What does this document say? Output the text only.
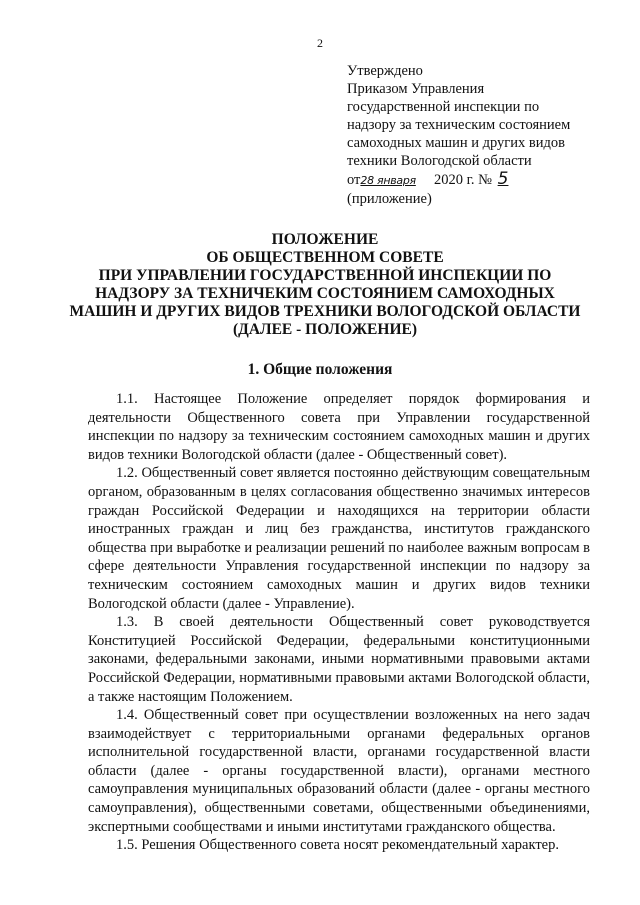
2
Утверждено
Приказом Управления
государственной инспекции по
надзору за техническим состоянием
самоходных машин и других видов
техники Вологодской области
от28 января 2020 г. № 5
(приложение)
ПОЛОЖЕНИЕ
ОБ ОБЩЕСТВЕННОМ СОВЕТЕ
ПРИ УПРАВЛЕНИИ ГОСУДАРСТВЕННОЙ ИНСПЕКЦИИ ПО
НАДЗОРУ ЗА ТЕХНИЧЕКИМ СОСТОЯНИЕМ САМОХОДНЫХ
МАШИН И ДРУГИХ ВИДОВ ТРЕХНИКИ ВОЛОГОДСКОЙ ОБЛАСТИ
(ДАЛЕЕ - ПОЛОЖЕНИЕ)
1. Общие положения

1.1. Настоящее Положение определяет порядок формирования и деятельности Общественного совета при Управлении государственной инспекции по надзору за техническим состоянием самоходных машин и других видов техники Вологодской области (далее - Общественный совет).

1.2. Общественный совет является постоянно действующим совещательным органом, образованным в целях согласования общественно значимых интересов граждан Российской Федерации и находящихся на территории области иностранных граждан и лиц без гражданства, институтов гражданского общества при выработке и реализации решений по наиболее важным вопросам в сфере деятельности Управления государственной инспекции по надзору за техническим состоянием самоходных машин и других видов техники Вологодской области (далее - Управление).

1.3. В своей деятельности Общественный совет руководствуется Конституцией Российской Федерации, федеральными конституционными законами, федеральными законами, иными нормативными правовыми актами Российской Федерации, нормативными правовыми актами Вологодской области, а также настоящим Положением.

1.4. Общественный совет при осуществлении возложенных на него задач взаимодействует с территориальными органами федеральных органов исполнительной государственной власти, органами государственной власти области (далее - органы государственной власти), органами местного самоуправления муниципальных образований области (далее - органы местного самоуправления), общественными советами, общественными объединениями, экспертными сообществами и иными институтами гражданского общества.

1.5. Решения Общественного совета носят рекомендательный характер.
